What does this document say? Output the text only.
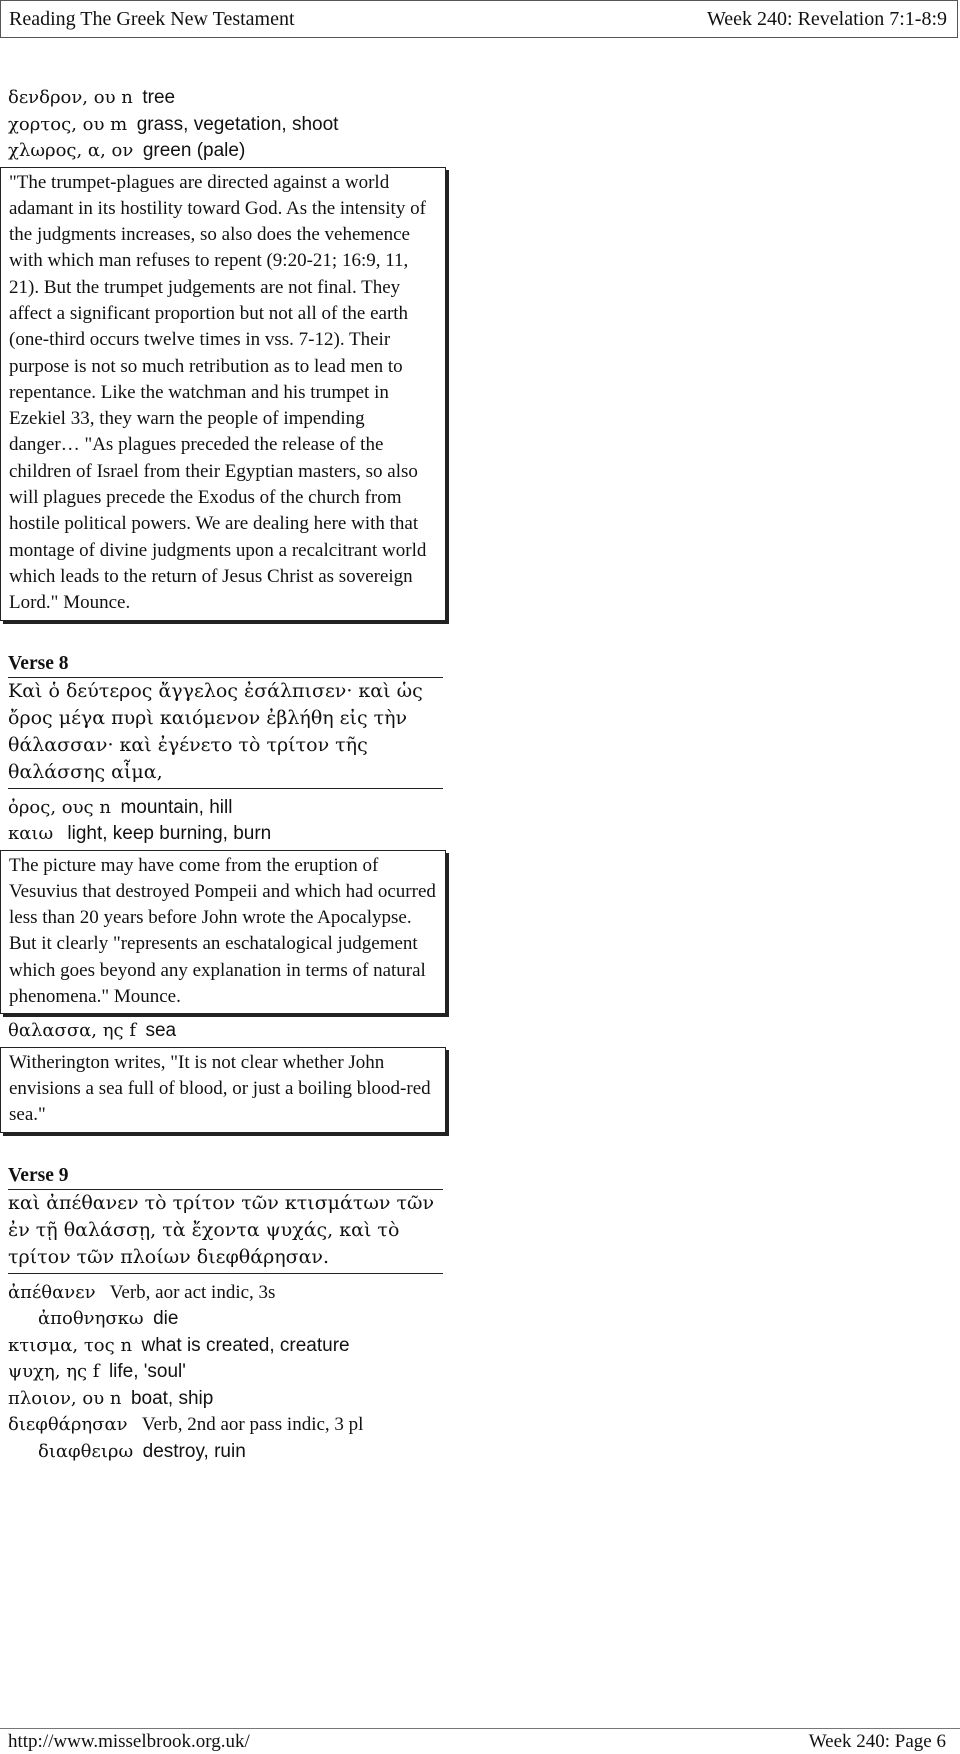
Reading The Greek New Testament	Week 240: Revelation 7:1-8:9
δενδρον, ου n tree
χορτος, ου m grass, vegetation, shoot
χλωρος, α, ον green (pale)
"The trumpet-plagues are directed against a world adamant in its hostility toward God. As the intensity of the judgments increases, so also does the vehemence with which man refuses to repent (9:20-21; 16:9, 11, 21). But the trumpet judgements are not final. They affect a significant proportion but not all of the earth (one-third occurs twelve times in vss. 7-12). Their purpose is not so much retribution as to lead men to repentance. Like the watchman and his trumpet in Ezekiel 33, they warn the people of impending danger… "As plagues preceded the release of the children of Israel from their Egyptian masters, so also will plagues precede the Exodus of the church from hostile political powers. We are dealing here with that montage of divine judgments upon a recalcitrant world which leads to the return of Jesus Christ as sovereign Lord." Mounce.
Verse 8
Καὶ ὁ δεύτερος ἄγγελος ἐσάλπισεν· καὶ ὡς ὄρος μέγα πυρὶ καιόμενον ἐβλήθη εἰς τὴν θάλασσαν· καὶ ἐγένετο τὸ τρίτον τῆς θαλάσσης αἷμα,
ὀρος, ους n mountain, hill
καιω light, keep burning, burn
The picture may have come from the eruption of Vesuvius that destroyed Pompeii and which had ocurred less than 20 years before John wrote the Apocalypse. But it clearly "represents an eschatalogical judgement which goes beyond any explanation in terms of natural phenomena." Mounce.
θαλασσα, ης f sea
Witherington writes, "It is not clear whether John envisions a sea full of blood, or just a boiling blood-red sea."
Verse 9
καὶ ἀπέθανεν τὸ τρίτον τῶν κτισμάτων τῶν ἐν τῇ θαλάσσῃ, τὰ ἔχοντα ψυχάς, καὶ τὸ τρίτον τῶν πλοίων διεφθάρησαν.
ἀπέθανεν Verb, aor act indic, 3s
ἀποθνησκω die
κτισμα, τος n what is created, creature
ψυχη, ης f life, 'soul'
πλοιον, ου n boat, ship
διεφθάρησαν Verb, 2nd aor pass indic, 3 pl
διαφθειρω destroy, ruin
http://www.misselbrook.org.uk/	Week 240: Page 6
